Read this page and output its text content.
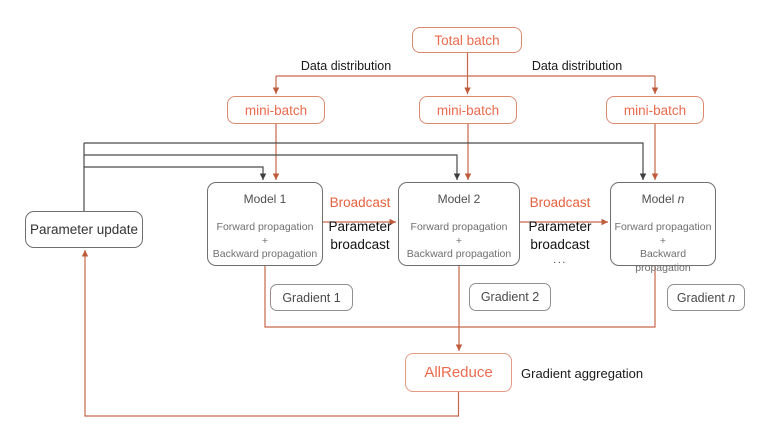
Total batch
Data distribution	Data distribution
mini-batch	mini-batch	mini-batch
Model 1
Forward propagation
+
Backward propagation
Model 2
Forward propagation
+
Backward propagation
Model n
Forward propagation
+
Backward propagation
Broadcast
Parameter
broadcast
Broadcast
Parameter
broadcast
...
Parameter update
Gradient 1	Gradient 2	Gradient n
AllReduce Gradient aggregation
